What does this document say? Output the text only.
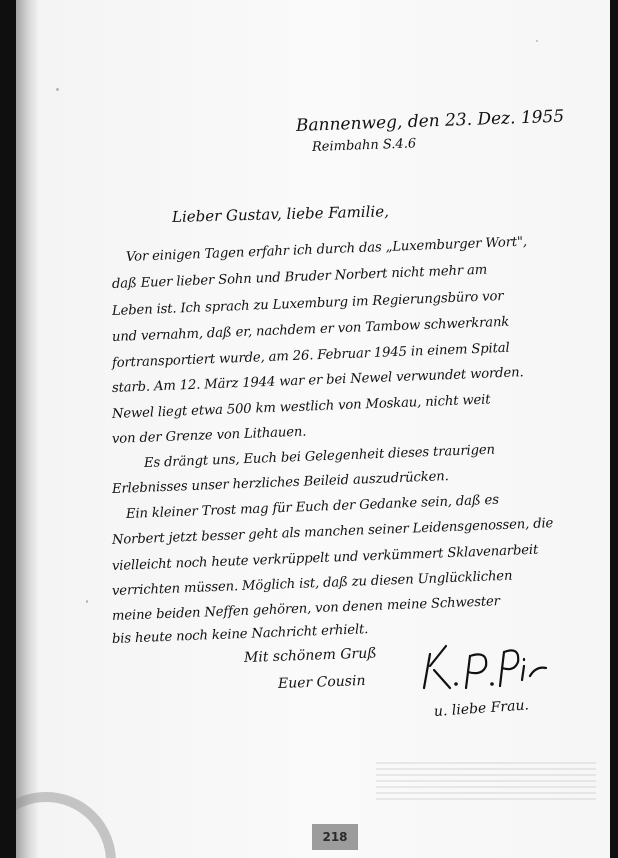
Bannenweg, den 23. Dez. 1955
Reimbahn S.4.6
Lieber Gustav, liebe Familie,
Vor einigen Tagen erfahr ich durch das „Luxemburger Wort",
daß Euer lieber Sohn und Bruder Norbert nicht mehr am
Leben ist. Ich sprach zu Luxemburg im Regierungsbüro vor
und vernahm, daß er, nachdem er von Tambow schwerkrank
fortransportiert wurde, am 26. Februar 1945 in einem Spital
starb. Am 12. März 1944 war er bei Newel verwundet worden.
Newel liegt etwa 500 km westlich von Moskau, nicht weit
von der Grenze von Lithauen.
Es drängt uns, Euch bei Gelegenheit dieses traurigen
Erlebnisses unser herzliches Beileid auszudrücken.
Ein kleiner Trost mag für Euch der Gedanke sein, daß es
Norbert jetzt besser geht als manchen seiner Leidensgenossen, die
vielleicht noch heute verkrüppelt und verkümmert Sklavenarbeit
verrichten müssen. Möglich ist, daß zu diesen Unglücklichen
meine beiden Neffen gehören, von denen meine Schwester
bis heute noch keine Nachricht erhielt.
Mit schönem Gruß
Euer Cousin
u. liebe Frau.
218
